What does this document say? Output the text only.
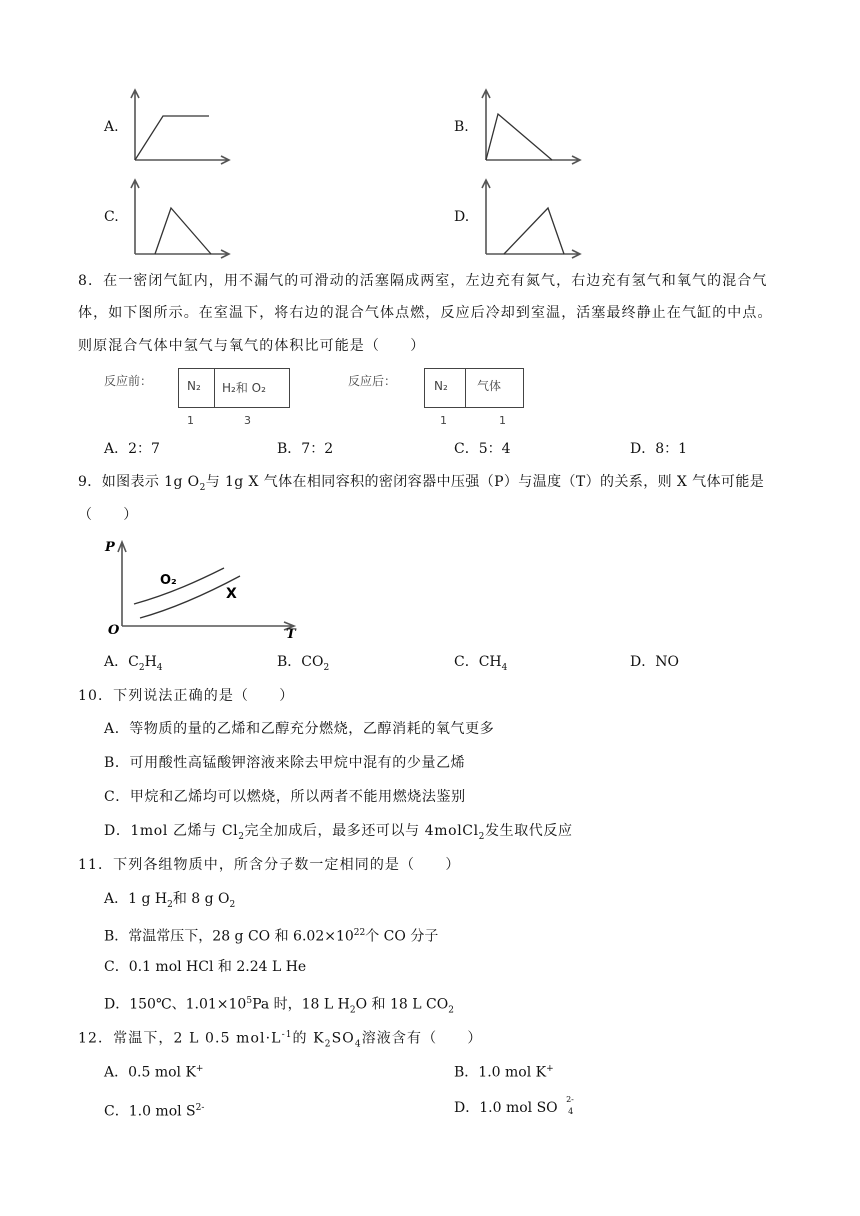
A.	B.
C.	D.
8．在一密闭气缸内，用不漏气的可滑动的活塞隔成两室，左边充有氮气，右边充有氢气和氧气的混合气
体，如下图所示。在室温下，将右边的混合气体点燃，反应后冷却到室温，活塞最终静止在气缸的中点。
则原混合气体中氢气与氧气的体积比可能是（　　）
反应前：	N₂ H₂和 O₂
1	3
反应后：	N₂ 气体
1	1
A．2：7	B．7：2	C．5：4	D．8：1
9．如图表示 1g $O_2$与 1g X 气体在相同容积的密闭容器中压强（P）与温度（T）的关系，则 X 气体可能是
（　　）
P
T
O
O₂
X
A．$C_2H_4$	B．$CO_2$	C．$CH_4$	D．NO
10．下列说法正确的是（　　）
A．等物质的量的乙烯和乙醇充分燃烧，乙醇消耗的氧气更多
B．可用酸性高锰酸钾溶液来除去甲烷中混有的少量乙烯
C．甲烷和乙烯均可以燃烧，所以两者不能用燃烧法鉴别
D．1mol 乙烯与 $Cl_2$完全加成后，最多还可以与 4molCl$_2$发生取代反应
11．下列各组物质中，所含分子数一定相同的是（　　）
A．1 g $H_2$和 8 g $O_2$
B．常温常压下，28 g CO 和 $6.02\times 10^{22}$个 CO 分子
C．0.1 mol HCl 和 2.24 L He
D．150℃、$1.01\times 10^5Pa$ 时，18 L $H_2O$ 和 18 L $CO_2$
12．常温下，2 L 0.5 $mol\cdot L^{-1}$的 $K_2SO_4$溶液含有（　　）
A．0.5 mol K+	B．1.0 mol K+
C．1.0 mol $S^{2-}$	D．1.0 mol SO
2-
4
